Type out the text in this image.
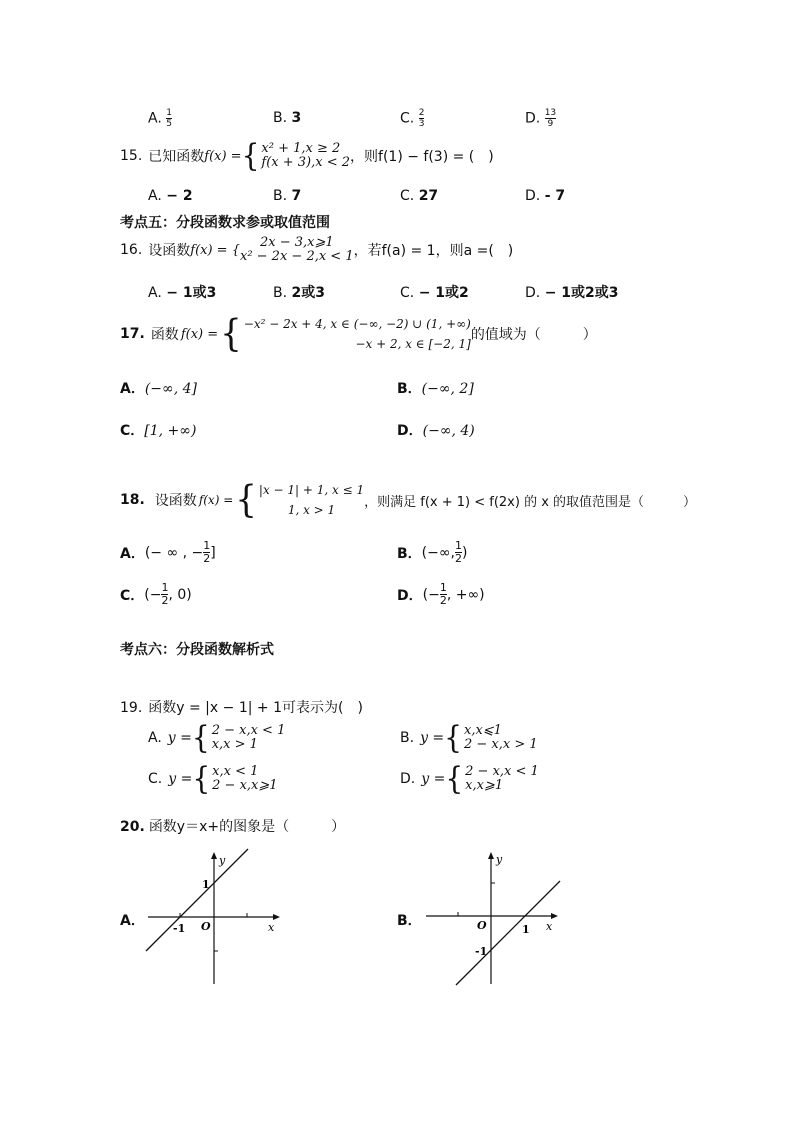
A. $\frac{1}{5}$	B. 3	C. $\frac{2}{3}$	D. $\frac{13}{9}$
15. 已知函数 f(x) = { x² + 1,x ≥ 2
f(x + 3),x < 2 ，则f(1) − f(3) = (　)
A. − 2	B. 7	C. 27	D. - 7
考点五：分段函数求参或取值范围
16. 设函数 f(x) = { 2x − 3,x⩾1
x² − 2x − 2,x < 1 ，若f(a) = 1，则a =(　)
A. − 1或3	B. 2或3	C. − 1或2	D. − 1或2或3
17. 函数 f(x) = { −x² − 2x + 4, x ∈ (−∞, −2) ∪ (1, +∞)
−x + 2, x ∈ [−2, 1]
的值域为（　　　）
A．(−∞, 4]	B．(−∞, 2]
C．[1, +∞)	D．(−∞, 4)
18. 设函数 f(x) = { |x − 1| + 1, x ≤ 1
1, x > 1
，则满足 f(x + 1) < f(2x) 的 x 的取值范围是（　　　）
A． (− ∞ , − $\frac{1}{2}$ ]	B． (−∞, $\frac{1}{2}$ )
C． (− $\frac{1}{2}$ , 0)	D． (− $\frac{1}{2}$ , +∞)
考点六：分段函数解析式
19. 函数y = |x − 1| + 1可表示为(　)
A. y = { 2 − x,x < 1
x,x > 1	B. y = { x,x⩽1
2 − x,x > 1
C. y = { x,x < 1
2 − x,x⩾1	D. y = { 2 − x,x < 1
x,x⩾1
20. 函数y＝x+的图象是（　　　）
A．
y
x
O
-1
1
B．
y
x
O	1
-1
